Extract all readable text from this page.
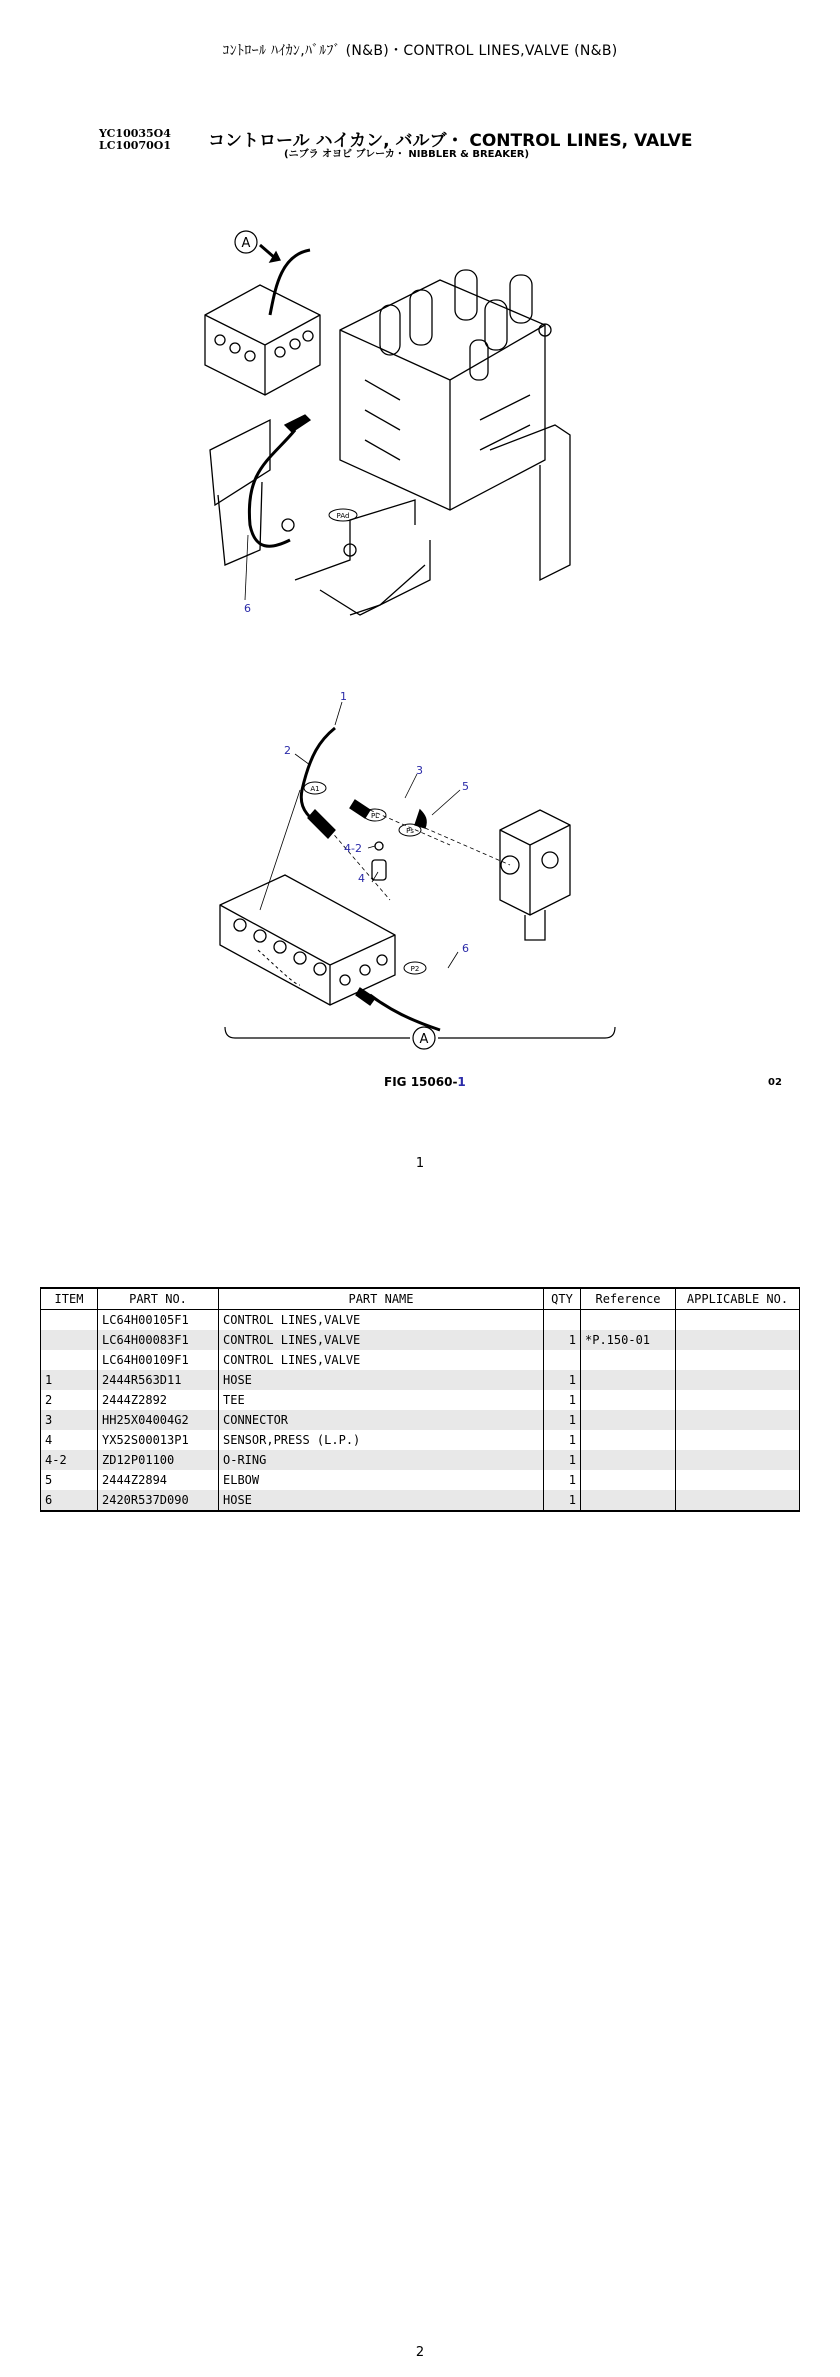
ｺﾝﾄﾛｰﾙ ﾊｲｶﾝ,ﾊﾞﾙﾌﾞ (N&B)・CONTROL LINES,VALVE (N&B)
YC10035O4
LC10070O1 コントロール ハイカン, バルブ・ CONTROL LINES, VALVE
(ニブラ オヨビ ブレーカ・ NIBBLER & BREAKER)
A
PAd
6
A1
PL
Ps
P2
1
2
3
4-2
4
5
6
A
FIG 15060-1	02
1
ITEM	PART NO.	PART NAME	QTY	Reference	APPLICABLE NO.
	LC64H00105F1	CONTROL LINES,VALVE			
	LC64H00083F1	CONTROL LINES,VALVE	1	*P.150-01	
	LC64H00109F1	CONTROL LINES,VALVE			
1	2444R563D11	HOSE	1		
2	2444Z2892	TEE	1		
3	HH25X04004G2	CONNECTOR	1		
4	YX52S00013P1	SENSOR,PRESS (L.P.)	1		
4-2	ZD12P01100	O-RING	1		
5	2444Z2894	ELBOW	1		
6	2420R537D090	HOSE	1		
2
